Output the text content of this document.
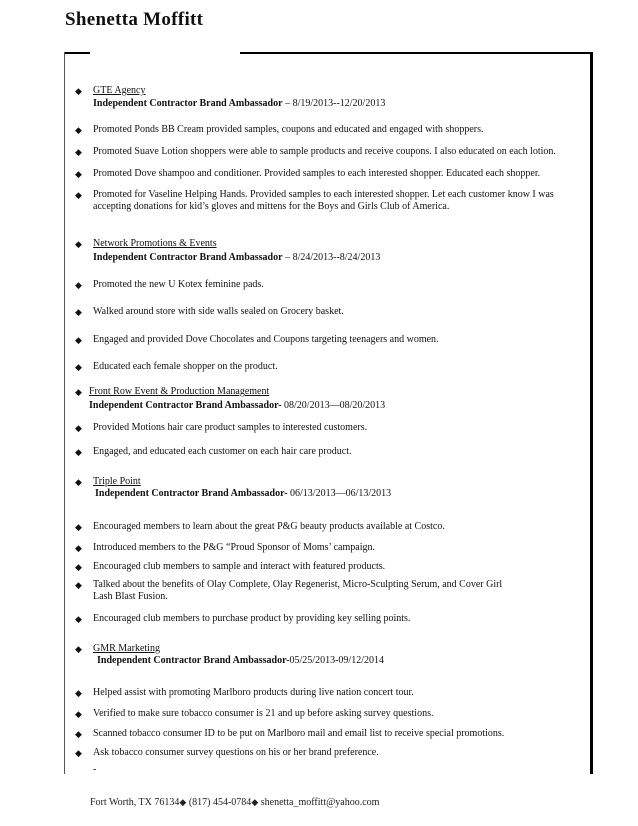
Shenetta Moffitt
◆	GTE Agency
Independent Contractor Brand Ambassador – 8/19/2013--12/20/2013
◆	Promoted Ponds BB Cream provided samples, coupons and educated and engaged with shoppers.
◆	Promoted Suave Lotion shoppers were able to sample products and receive coupons. I also educated on each lotion.
◆	Promoted Dove shampoo and conditioner. Provided samples to each interested shopper. Educated each shopper.
◆	Promoted for Vaseline Helping Hands. Provided samples to each interested shopper. Let each customer know I was accepting donations for kid’s gloves and mittens for the Boys and Girls Club of America.
◆	Network Promotions & Events
Independent Contractor Brand Ambassador – 8/24/2013--8/24/2013
◆	Promoted the new U Kotex feminine pads.
◆	Walked around store with side walls sealed on Grocery basket.
◆	Engaged and provided Dove Chocolates and Coupons targeting teenagers and women.
◆	Educated each female shopper on the product.
◆ Front Row Event & Production Management
Independent Contractor Brand Ambassador- 08/20/2013—08/20/2013
◆	Provided Motions hair care product samples to interested customers.
◆	Engaged, and educated each customer on each hair care product.
◆	Triple Point
Independent Contractor Brand Ambassador- 06/13/2013—06/13/2013
◆	Encouraged members to learn about the great P&G beauty products available at Costco.
◆	Introduced members to the P&G “Proud Sponsor of Moms’ campaign.
◆	Encouraged club members to sample and interact with featured products.
◆	Talked about the benefits of Olay Complete, Olay Regenerist, Micro-Sculpting Serum, and Cover Girl Lash Blast Fusion.
◆	Encouraged club members to purchase product by providing key selling points.
◆	GMR Marketing
Independent Contractor Brand Ambassador-05/25/2013-09/12/2014
◆	Helped assist with promoting Marlboro products during live nation concert tour.
◆	Verified to make sure tobacco consumer is 21 and up before asking survey questions.
◆	Scanned tobacco consumer ID to be put on Marlboro mail and email list to receive special promotions.
◆	Ask tobacco consumer survey questions on his or her brand preference.
-
Fort Worth, TX 76134◆ (817) 454-0784◆ shenetta_moffitt@yahoo.com
